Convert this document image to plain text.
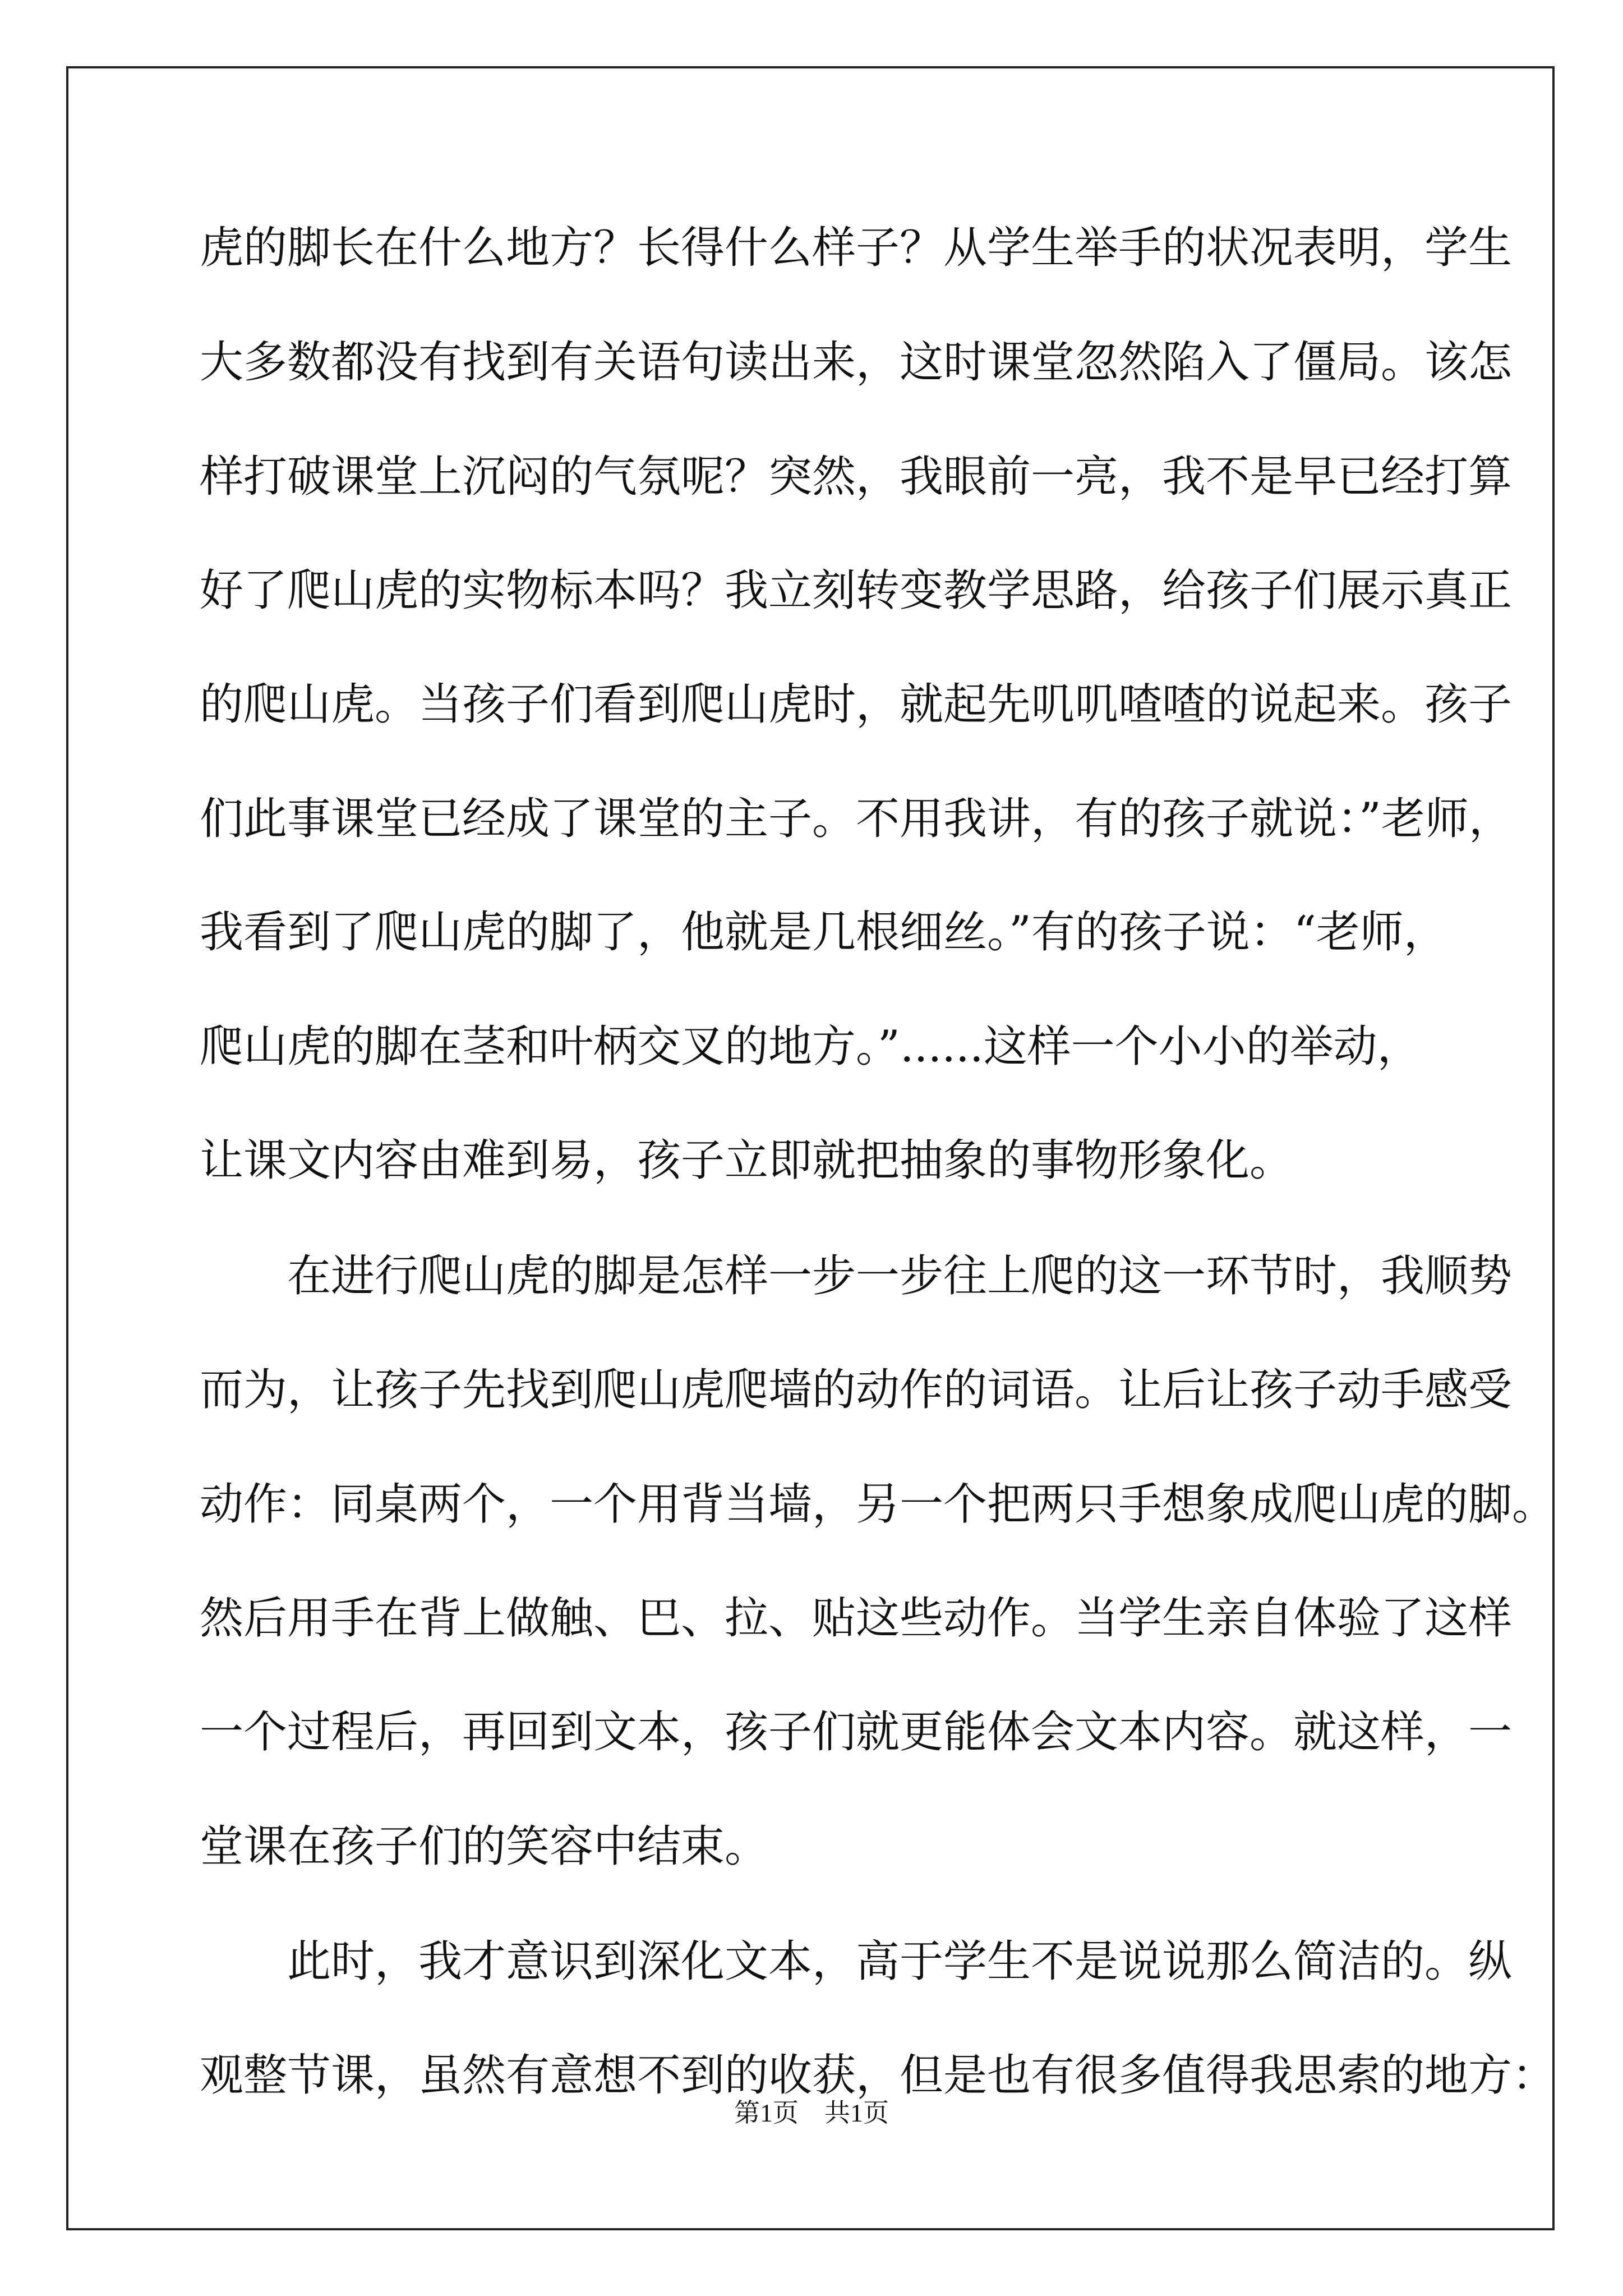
虎的脚长在什么地方？长得什么样子？从学生举手的状况表明，学生
大多数都没有找到有关语句读出来，这时课堂忽然陷入了僵局。该怎
样打破课堂上沉闷的气氛呢？突然，我眼前一亮，我不是早已经打算
好了爬山虎的实物标本吗？我立刻转变教学思路，给孩子们展示真正
的爬山虎。当孩子们看到爬山虎时，就起先叽叽喳喳的说起来。孩子
们此事课堂已经成了课堂的主子。不用我讲，有的孩子就说：”老师，
我看到了爬山虎的脚了，他就是几根细丝。”有的孩子说：“老师，
爬山虎的脚在茎和叶柄交叉的地方。”......这样一个小小的举动，
让课文内容由难到易，孩子立即就把抽象的事物形象化。
　　在进行爬山虎的脚是怎样一步一步往上爬的这一环节时，我顺势
而为，让孩子先找到爬山虎爬墙的动作的词语。让后让孩子动手感受
动作：同桌两个，一个用背当墙，另一个把两只手想象成爬山虎的脚。
然后用手在背上做触、巴、拉、贴这些动作。当学生亲自体验了这样
一个过程后，再回到文本，孩子们就更能体会文本内容。就这样，一
堂课在孩子们的笑容中结束。
　　此时，我才意识到深化文本，高于学生不是说说那么简洁的。纵
观整节课，虽然有意想不到的收获，但是也有很多值得我思索的地方：
第1页　共1页
